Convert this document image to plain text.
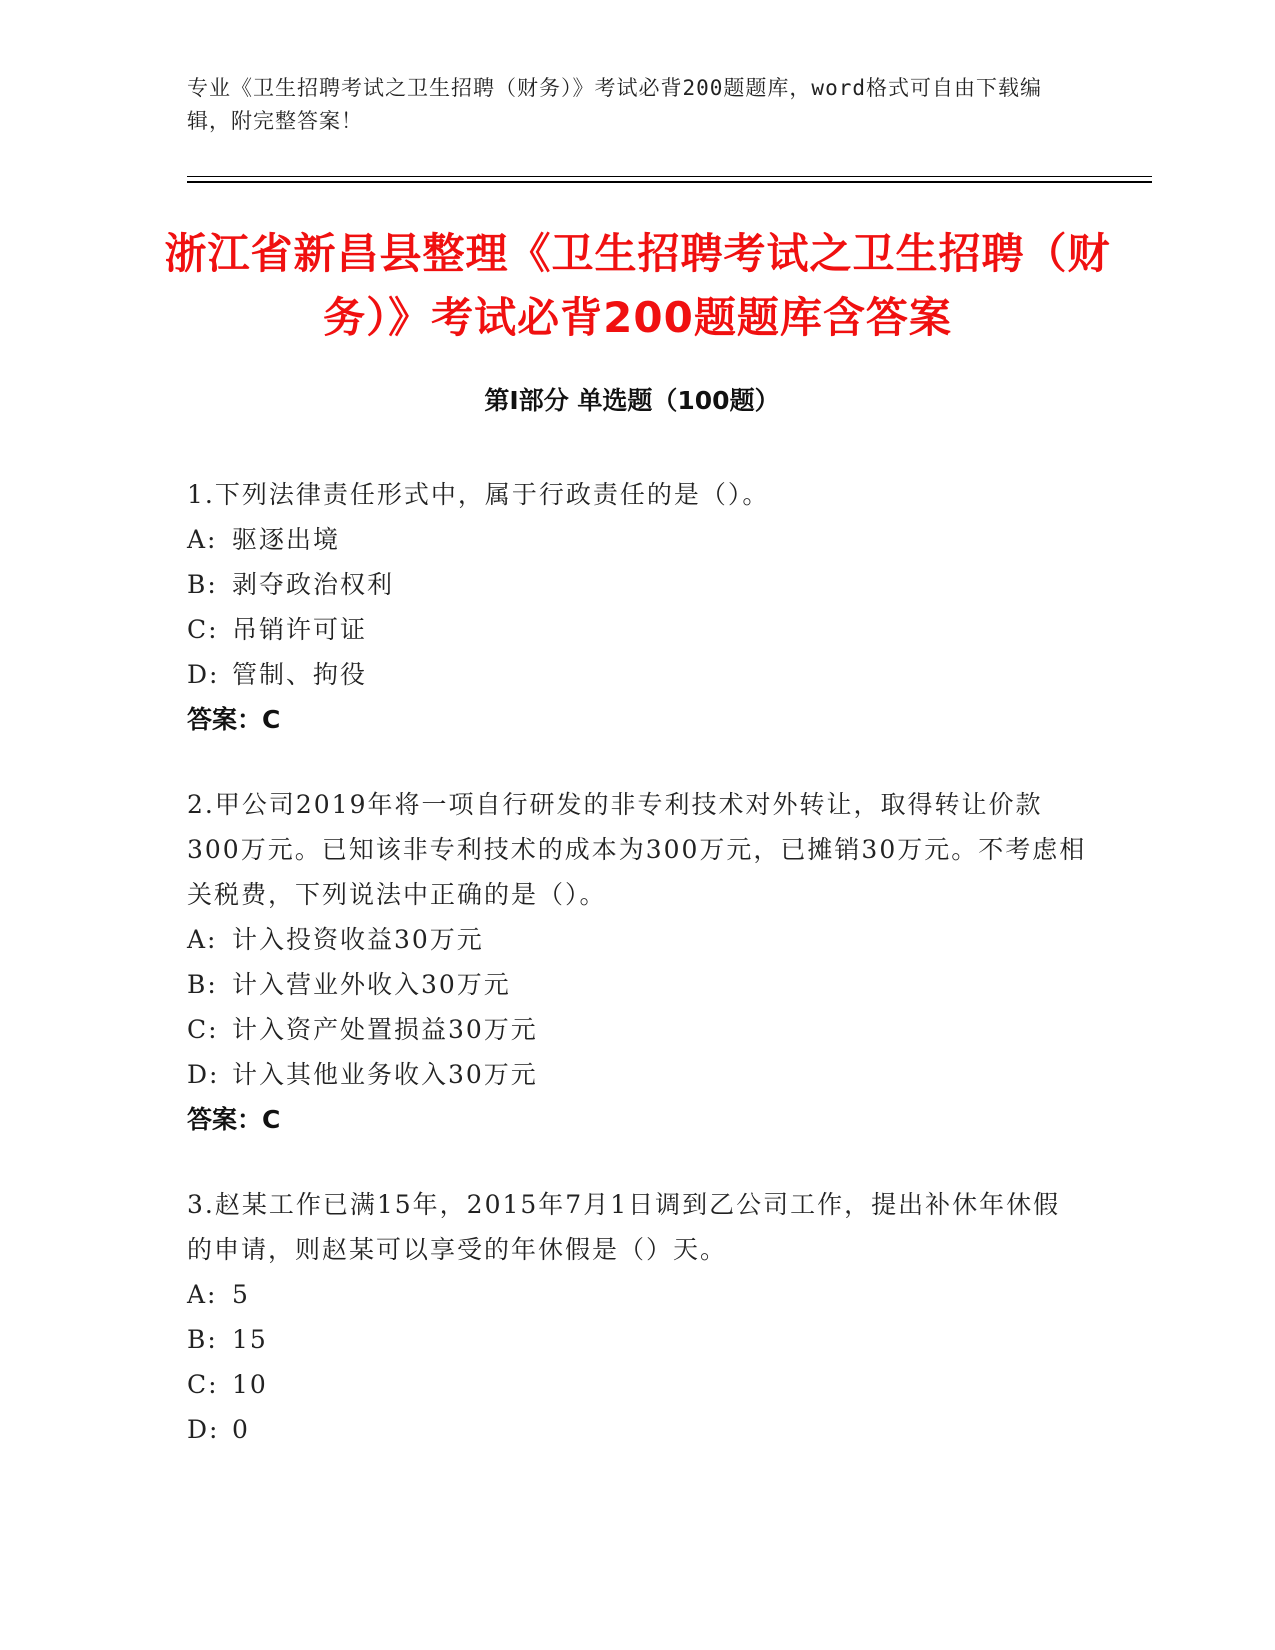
专业《卫生招聘考试之卫生招聘（财务）》考试必背200题题库，word格式可自由下载编辑，附完整答案！
浙江省新昌县整理《卫生招聘考试之卫生招聘（财务）》考试必背200题题库含答案
第Ⅰ部分 单选题（100题）
1.下列法律责任形式中，属于行政责任的是（）。
A: 驱逐出境
B: 剥夺政治权利
C: 吊销许可证
D: 管制、拘役
答案：C
2.甲公司2019年将一项自行研发的非专利技术对外转让，取得转让价款300万元。已知该非专利技术的成本为300万元，已摊销30万元。不考虑相关税费，下列说法中正确的是（）。
A: 计入投资收益30万元
B: 计入营业外收入30万元
C: 计入资产处置损益30万元
D: 计入其他业务收入30万元
答案：C
3.赵某工作已满15年，2015年7月1日调到乙公司工作，提出补休年休假的申请，则赵某可以享受的年休假是（）天。
A: 5
B: 15
C: 10
D: 0
